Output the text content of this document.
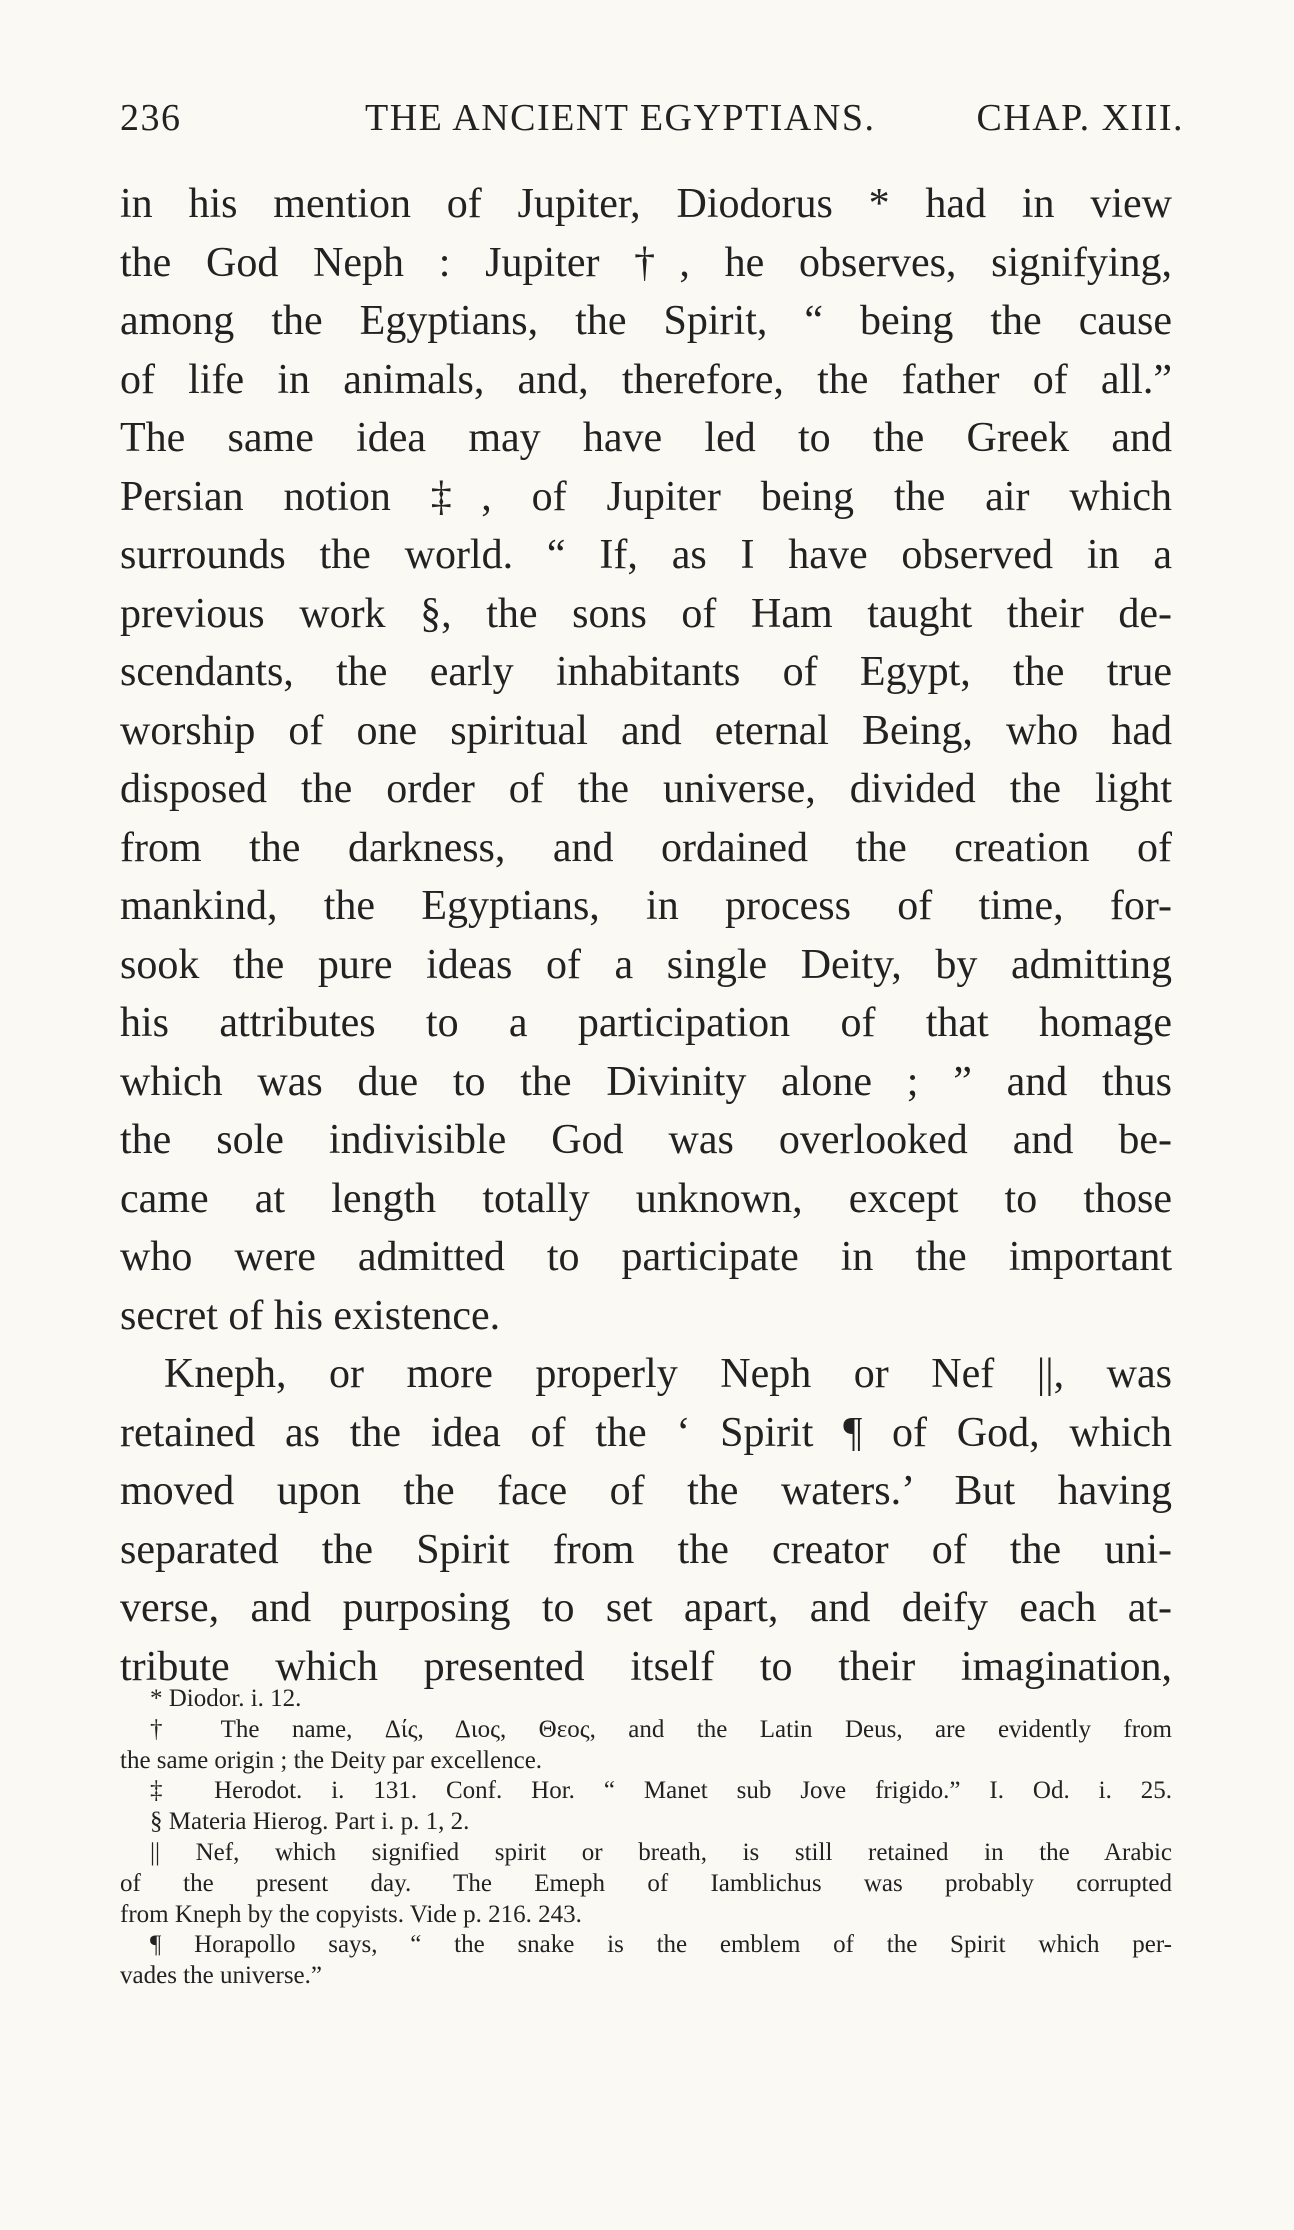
236	THE ANCIENT EGYPTIANS.	CHAP. XIII.
in his mention of Jupiter, Diodorus * had in view
the God Neph : Jupiter †, he observes, signifying,
among the Egyptians, the Spirit, “ being the cause
of life in animals, and, therefore, the father of all.”
The same idea may have led to the Greek and
Persian notion ‡, of Jupiter being the air which
surrounds the world. “ If, as I have observed in a
previous work §, the sons of Ham taught their de-
scendants, the early inhabitants of Egypt, the true
worship of one spiritual and eternal Being, who had
disposed the order of the universe, divided the light
from the darkness, and ordained the creation of
mankind, the Egyptians, in process of time, for-
sook the pure ideas of a single Deity, by admitting
his attributes to a participation of that homage
which was due to the Divinity alone ; ” and thus
the sole indivisible God was overlooked and be-
came at length totally unknown, except to those
who were admitted to participate in the important
secret of his existence.
Kneph, or more properly Neph or Nef ||, was
retained as the idea of the ‘ Spirit ¶ of God, which
moved upon the face of the waters.’ But having
separated the Spirit from the creator of the uni-
verse, and purposing to set apart, and deify each at-
tribute which presented itself to their imagination,
* Diodor. i. 12.
† The name, Δίς, Διος, Θεος, and the Latin Deus, are evidently from
the same origin ; the Deity par excellence.
‡ Herodot. i. 131. Conf. Hor. “ Manet sub Jove frigido.” I. Od. i. 25.
§ Materia Hierog. Part i. p. 1, 2.
|| Nef, which signified spirit or breath, is still retained in the Arabic
of the present day. The Emeph of Iamblichus was probably corrupted
from Kneph by the copyists. Vide p. 216. 243.
¶ Horapollo says, “ the snake is the emblem of the Spirit which per-
vades the universe.”
